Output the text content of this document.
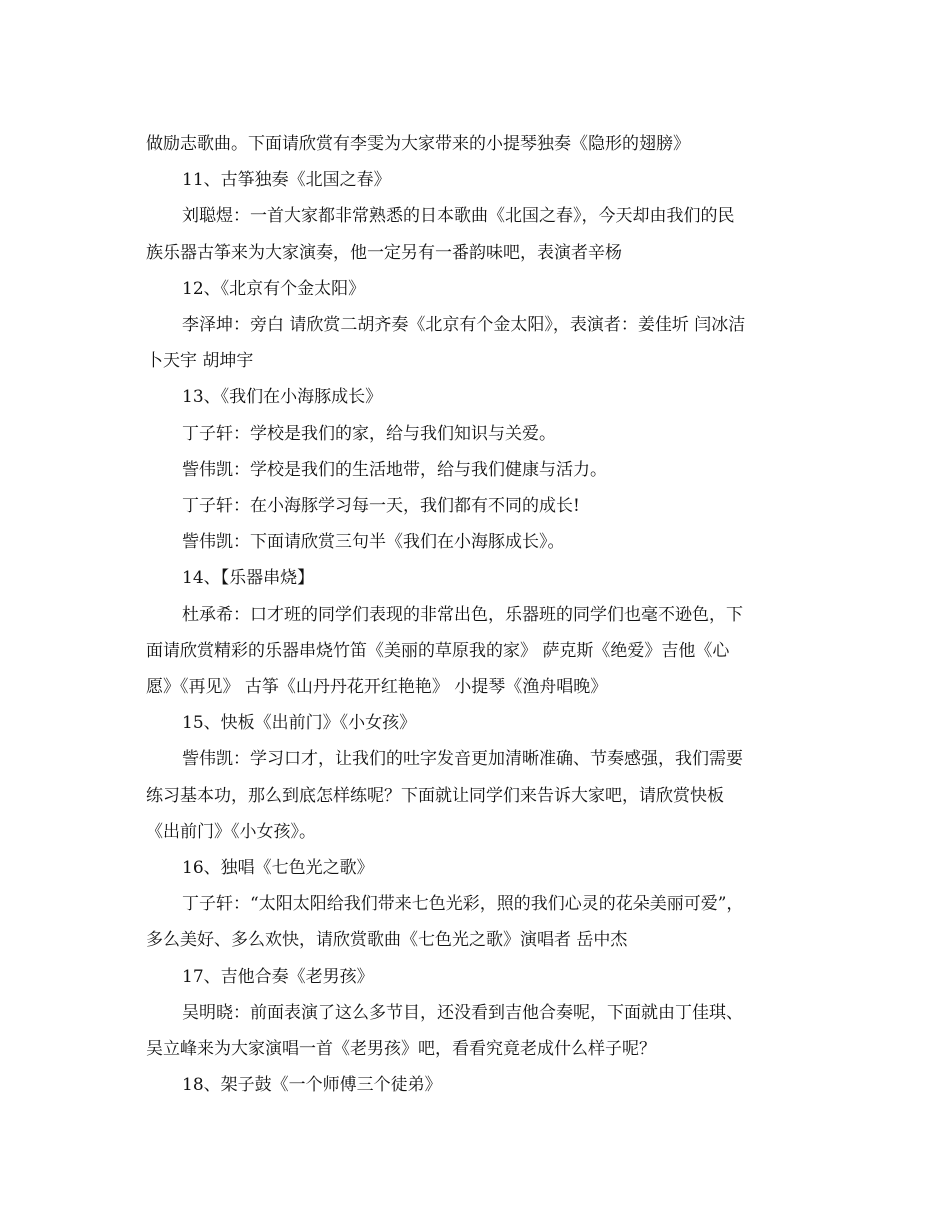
做励志歌曲。下面请欣赏有李雯为大家带来的小提琴独奏《隐形的翅膀》

11、古筝独奏《北国之春》

刘聪煜：一首大家都非常熟悉的日本歌曲《北国之春》，今天却由我们的民

族乐器古筝来为大家演奏，他一定另有一番韵味吧，表演者辛杨

12、《北京有个金太阳》

李泽坤：旁白 请欣赏二胡齐奏《北京有个金太阳》，表演者：姜佳圻 闫冰洁

卜天宇 胡坤宇

13、《我们在小海豚成长》

丁子轩：学校是我们的家，给与我们知识与关爱。

訾伟凯：学校是我们的生活地带，给与我们健康与活力。

丁子轩：在小海豚学习每一天，我们都有不同的成长!

訾伟凯：下面请欣赏三句半《我们在小海豚成长》。

14、【乐器串烧】

杜承希：口才班的同学们表现的非常出色，乐器班的同学们也毫不逊色，下

面请欣赏精彩的乐器串烧竹笛《美丽的草原我的家》 萨克斯《绝爱》吉他《心

愿》《再见》 古筝《山丹丹花开红艳艳》 小提琴《渔舟唱晚》

15、快板《出前门》《小女孩》

訾伟凯：学习口才，让我们的吐字发音更加清晰准确、节奏感强，我们需要

练习基本功，那么到底怎样练呢？下面就让同学们来告诉大家吧，请欣赏快板

《出前门》《小女孩》。

16、独唱《七色光之歌》

丁子轩：“太阳太阳给我们带来七色光彩，照的我们心灵的花朵美丽可爱”，

多么美好、多么欢快，请欣赏歌曲《七色光之歌》演唱者 岳中杰

17、吉他合奏《老男孩》

吴明晓：前面表演了这么多节目，还没看到吉他合奏呢，下面就由丁佳琪、

吴立峰来为大家演唱一首《老男孩》吧，看看究竟老成什么样子呢？

18、架子鼓《一个师傅三个徒弟》
